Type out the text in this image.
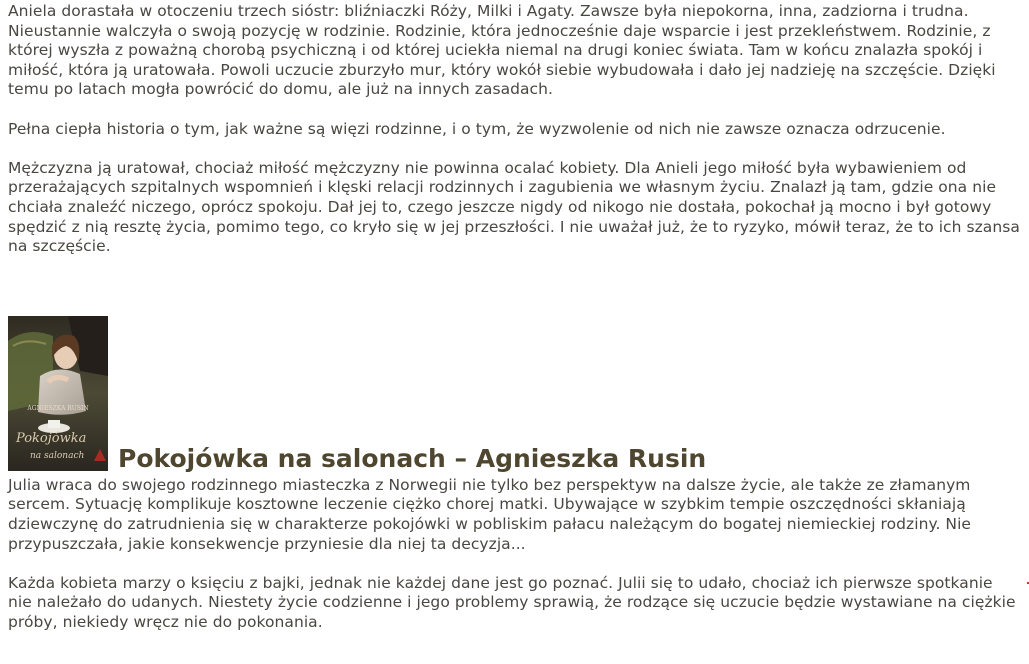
Aniela dorastała w otoczeniu trzech sióstr: bliźniaczki Róży, Milki i Agaty. Zawsze była niepokorna, inna, zadziorna i trudna. Nieustannie walczyła o swoją pozycję w rodzinie. Rodzinie, która jednocześnie daje wsparcie i jest przekleństwem. Rodzinie, z której wyszła z poważną chorobą psychiczną i od której uciekła niemal na drugi koniec świata. Tam w końcu znalazła spokój i miłość, która ją uratowała. Powoli uczucie zburzyło mur, który wokół siebie wybudowała i dało jej nadzieję na szczęście. Dzięki temu po latach mogła powrócić do domu, ale już na innych zasadach.

Pełna ciepła historia o tym, jak ważne są więzi rodzinne, i o tym, że wyzwolenie od nich nie zawsze oznacza odrzucenie.

Mężczyzna ją uratował, chociaż miłość mężczyzny nie powinna ocalać kobiety. Dla Anieli jego miłość była wybawieniem od przerażających szpitalnych wspomnień i klęski relacji rodzinnych i zagubienia we własnym życiu. Znalazł ją tam, gdzie ona nie chciała znaleźć niczego, oprócz spokoju. Dał jej to, czego jeszcze nigdy od nikogo nie dostała, pokochał ją mocno i był gotowy spędzić z nią resztę życia, pomimo tego, co kryło się w jej przeszłości. I nie uważał już, że to ryzyko, mówił teraz, że to ich szansa na szczęście.

AGNIESZKA RUSIN
Pokojówka
na salonach Pokojówka na salonach – Agnieszka Rusin

Julia wraca do swojego rodzinnego miasteczka z Norwegii nie tylko bez perspektyw na dalsze życie, ale także ze złamanym sercem. Sytuację komplikuje kosztowne leczenie ciężko chorej matki. Ubywające w szybkim tempie oszczędności skłaniają dziewczynę do zatrudnienia się w charakterze pokojówki w pobliskim pałacu należącym do bogatej niemieckiej rodziny. Nie przypuszczała, jakie konsekwencje przyniesie dla niej ta decyzja...

Każda kobieta marzy o księciu z bajki, jednak nie każdej dane jest go poznać. Julii się to udało, chociaż ich pierwsze spotkanie nie należało do udanych. Niestety życie codzienne i jego problemy sprawią, że rodzące się uczucie będzie wystawiane na ciężkie próby, niekiedy wręcz nie do pokonania.
